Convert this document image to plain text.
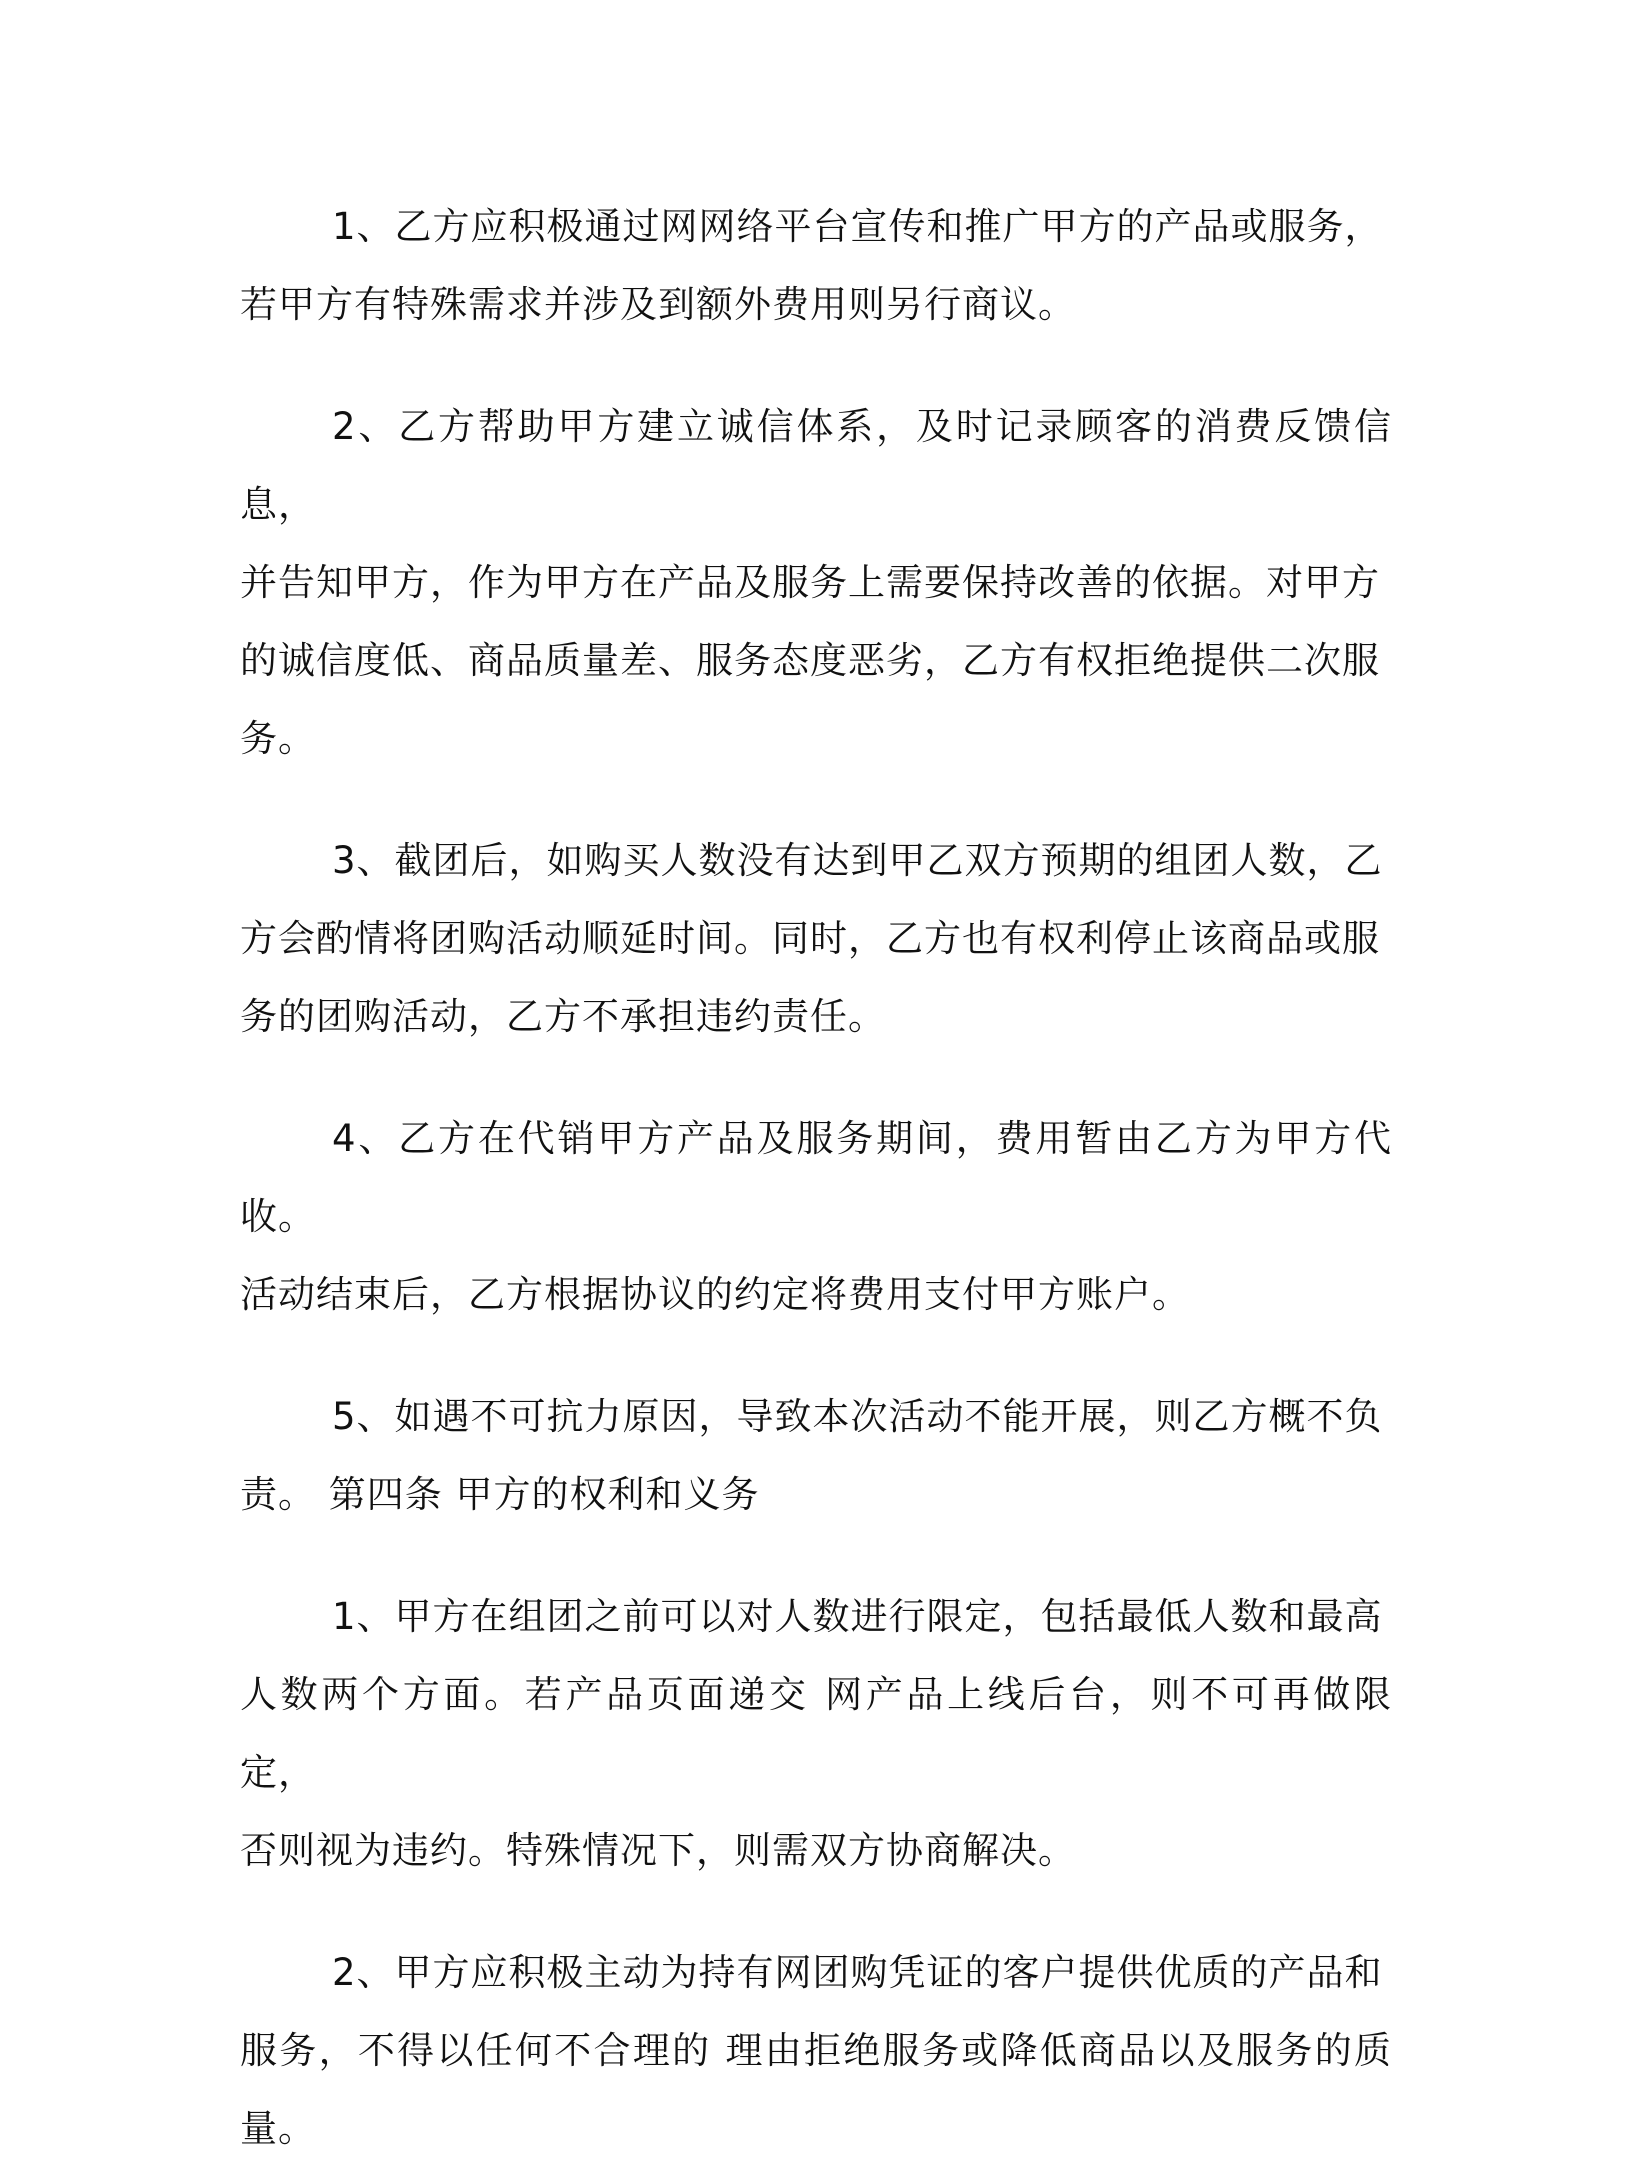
1、乙方应积极通过网网络平台宣传和推广甲方的产品或服务，
若甲方有特殊需求并涉及到额外费用则另行商议。

2、乙方帮助甲方建立诚信体系，及时记录顾客的消费反馈信息，
并告知甲方，作为甲方在产品及服务上需要保持改善的依据。对甲方
的诚信度低、商品质量差、服务态度恶劣，乙方有权拒绝提供二次服
务。

3、截团后，如购买人数没有达到甲乙双方预期的组团人数，乙
方会酌情将团购活动顺延时间。同时，乙方也有权利停止该商品或服
务的团购活动，乙方不承担违约责任。

4、乙方在代销甲方产品及服务期间，费用暂由乙方为甲方代收。
活动结束后，乙方根据协议的约定将费用支付甲方账户。

5、如遇不可抗力原因，导致本次活动不能开展，则乙方概不负
责。 第四条 甲方的权利和义务

1、甲方在组团之前可以对人数进行限定，包括最低人数和最高
人数两个方面。若产品页面递交 网产品上线后台，则不可再做限定，
否则视为违约。特殊情况下，则需双方协商解决。

2、甲方应积极主动为持有网团购凭证的客户提供优质的产品和
服务，不得以任何不合理的 理由拒绝服务或降低商品以及服务的质量。
